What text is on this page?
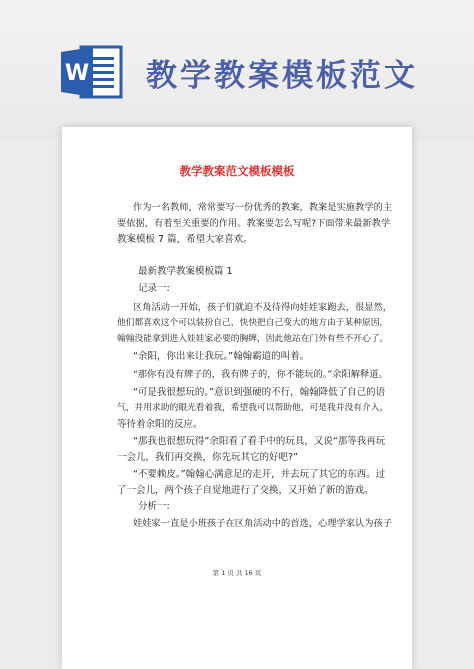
W 教学教案模板范文
教学教案范文模板模板
作为一名教师，常常要写一份优秀的教案，教案是实施教学的主
要依据，有着至关重要的作用。教案要怎么写呢?下面带来最新教学
教案模板 7 篇，希望大家喜欢。
最新教学教案模板篇 1
记录一:
区角活动一开始，孩子们就迫不及待得向娃娃家跑去，很显然，
他们都喜欢这个可以装扮自己，快快把自己变大的地方由于某种原因，
翰翰没能拿到进入娃娃家必要的胸牌，因此他站在门外有些不开心了。
“余阳，你出来让我玩。”翰翰霸道的叫着。
“那你有没有牌子的，我有牌子的，你不能玩的。”余阳解释道。
“可是我很想玩的。”意识到强硬的不行，翰翰降低了自己的语
气，并用求助的眼光看着我，希望我可以帮助他，可是我并没有介入，
等待着余阳的反应。
“那我也很想玩得”余阳看了看手中的玩具，又说“那等我再玩
一会儿，我们再交换，你先玩其它的好吧?”
“不要赖皮。”翰翰心满意足的走开，并去玩了其它的东西。过
了一会儿，两个孩子自觉地进行了交换，又开始了新的游戏。
分析一:
娃娃家一直是小班孩子在区角活动中的首选，心理学家认为孩子
第 1 页 共 16 页
